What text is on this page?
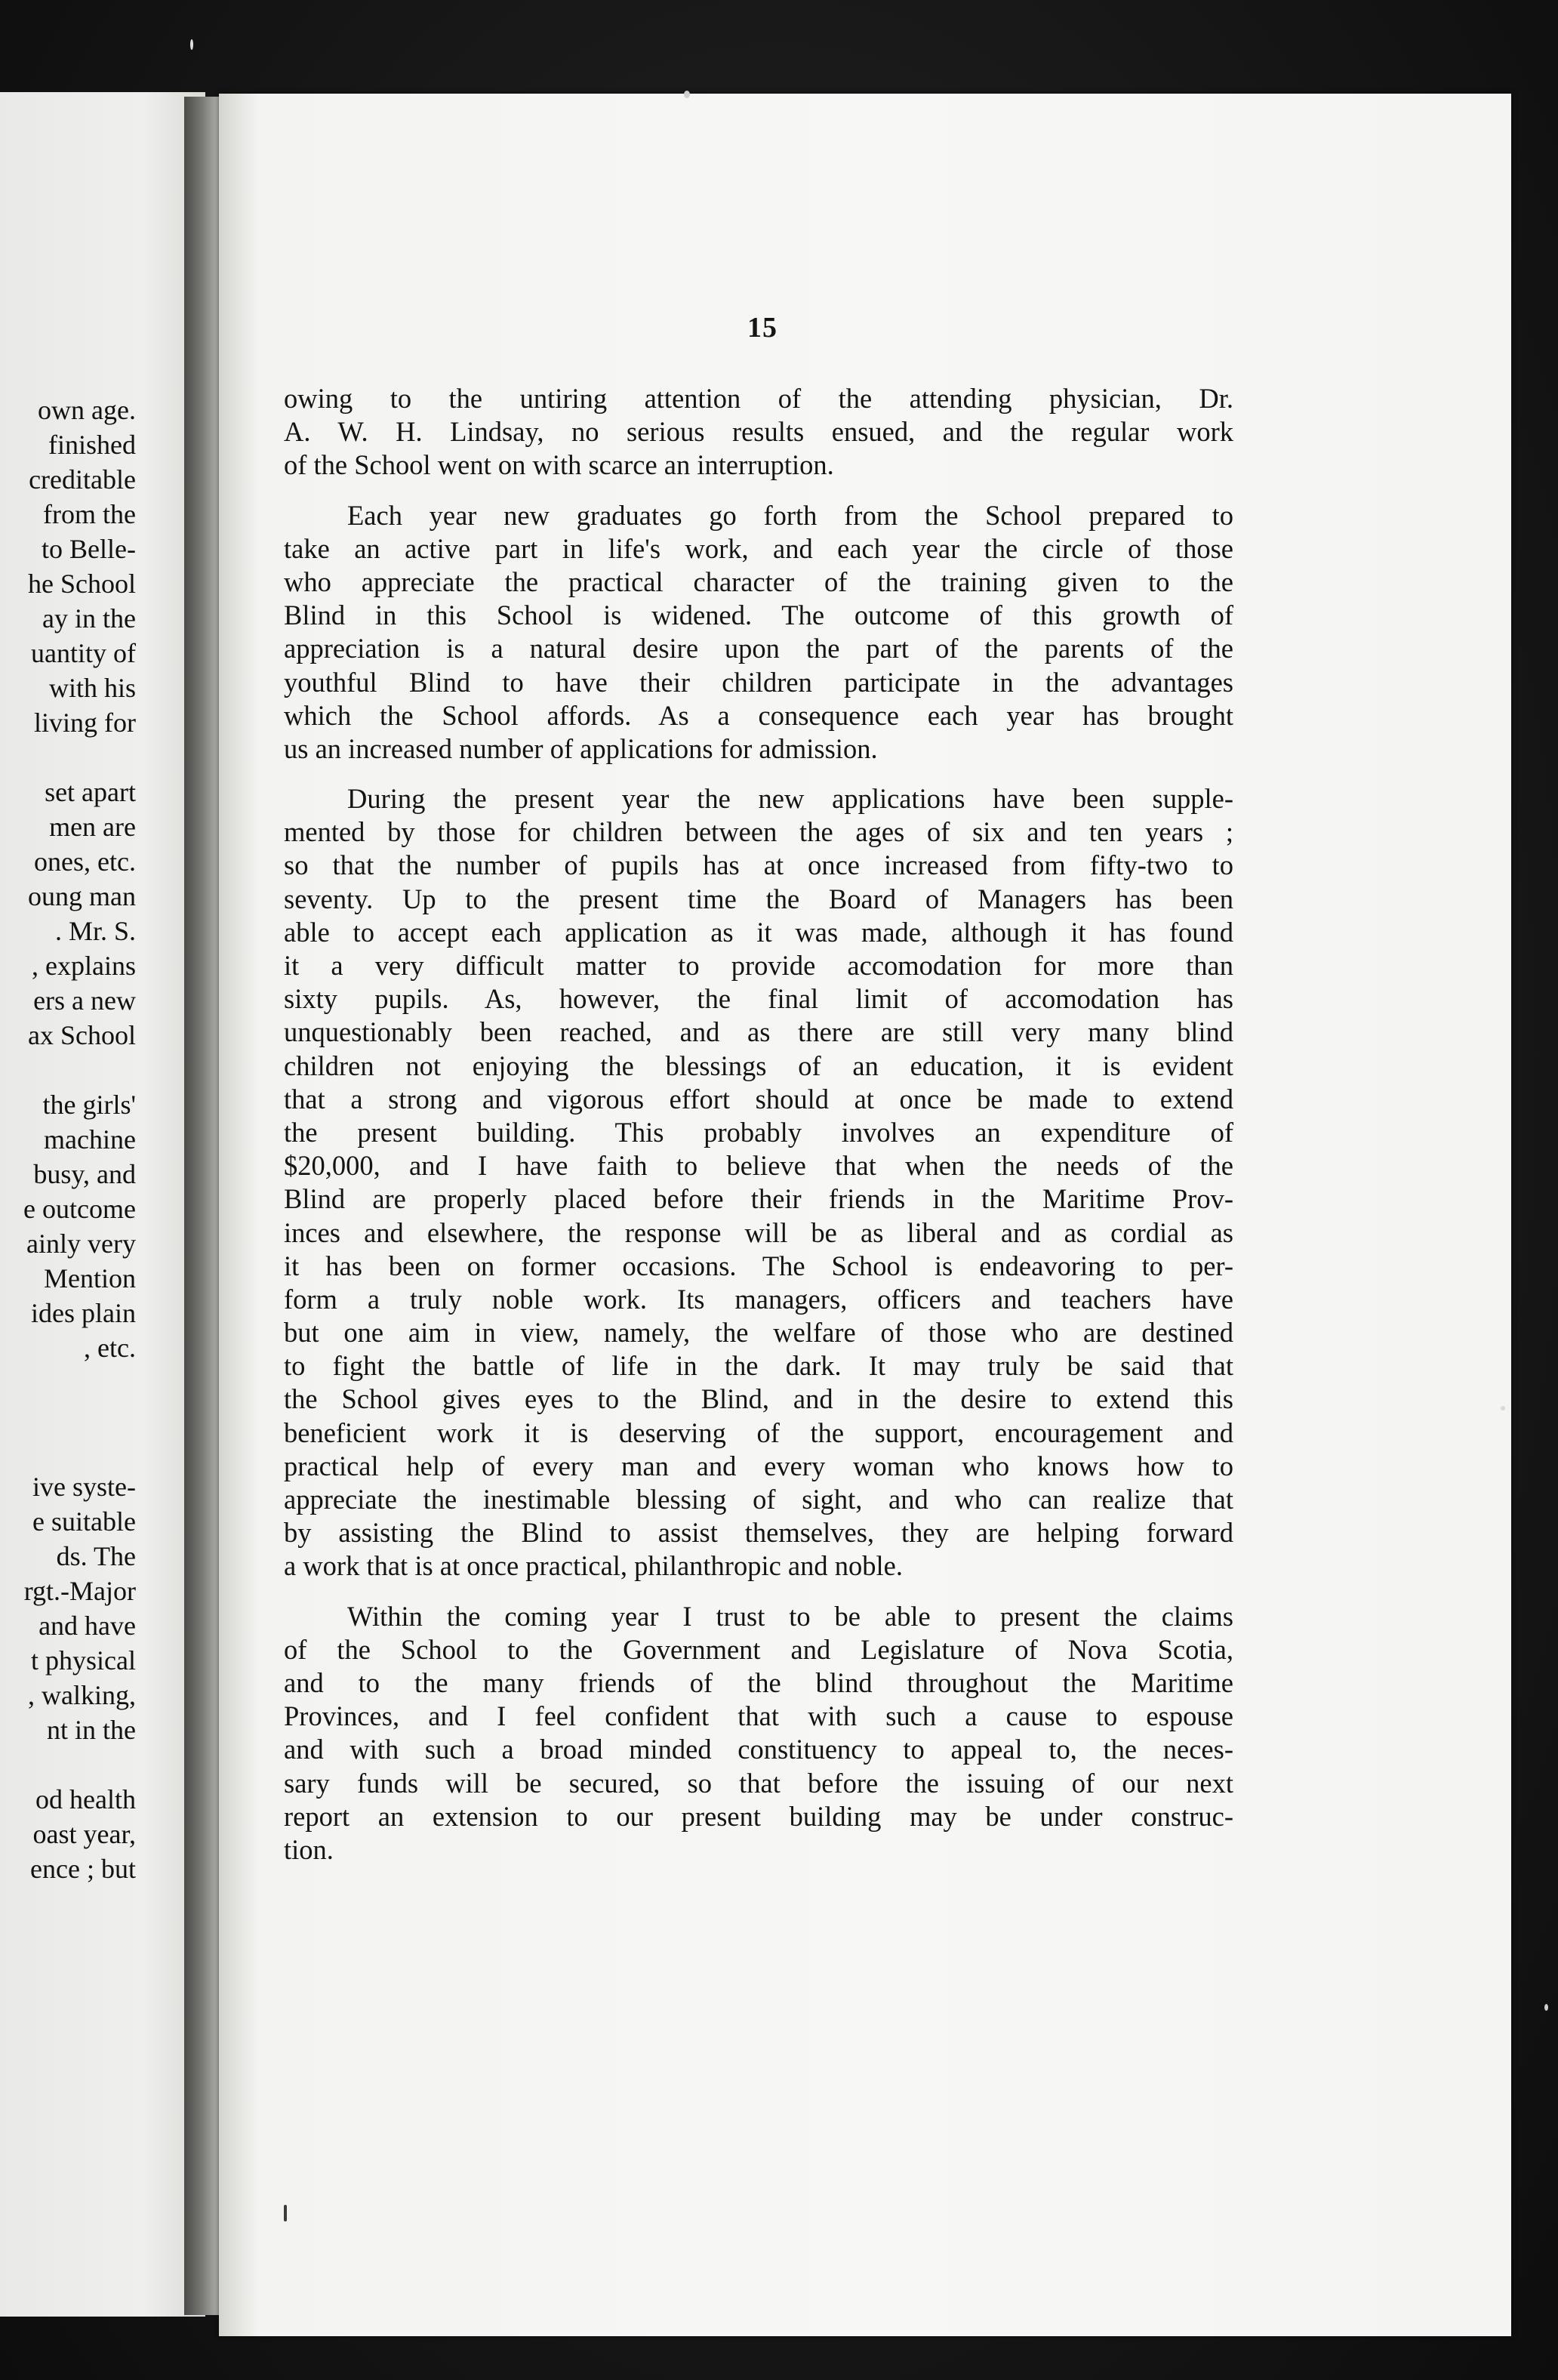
own age.
finished
creditable
from the
to Belle-
he School
ay in the
uantity of
with his
living for
set apart
men are
ones, etc.
oung man
. Mr. S.
, explains
ers a new
ax School
the girls'
machine
busy, and
e outcome
ainly very
Mention
ides plain
, etc.
ive syste-
e suitable
ds. The
rgt.-Major
and have
t physical
, walking,
nt in the
od health
oast year,
ence ; but
15
owing to the untiring attention of the attending physician, Dr.
A. W. H. Lindsay, no serious results ensued, and the regular work
of the School went on with scarce an interruption.
Each year new graduates go forth from the School prepared to
take an active part in life's work, and each year the circle of those
who appreciate the practical character of the training given to the
Blind in this School is widened. The outcome of this growth of
appreciation is a natural desire upon the part of the parents of the
youthful Blind to have their children participate in the advantages
which the School affords. As a consequence each year has brought
us an increased number of applications for admission.
During the present year the new applications have been supple-
mented by those for children between the ages of six and ten years ;
so that the number of pupils has at once increased from fifty-two to
seventy. Up to the present time the Board of Managers has been
able to accept each application as it was made, although it has found
it a very difficult matter to provide accomodation for more than
sixty pupils. As, however, the final limit of accomodation has
unquestionably been reached, and as there are still very many blind
children not enjoying the blessings of an education, it is evident
that a strong and vigorous effort should at once be made to extend
the present building. This probably involves an expenditure of
$20,000, and I have faith to believe that when the needs of the
Blind are properly placed before their friends in the Maritime Prov-
inces and elsewhere, the response will be as liberal and as cordial as
it has been on former occasions. The School is endeavoring to per-
form a truly noble work. Its managers, officers and teachers have
but one aim in view, namely, the welfare of those who are destined
to fight the battle of life in the dark. It may truly be said that
the School gives eyes to the Blind, and in the desire to extend this
beneficient work it is deserving of the support, encouragement and
practical help of every man and every woman who knows how to
appreciate the inestimable blessing of sight, and who can realize that
by assisting the Blind to assist themselves, they are helping forward
a work that is at once practical, philanthropic and noble.
Within the coming year I trust to be able to present the claims
of the School to the Government and Legislature of Nova Scotia,
and to the many friends of the blind throughout the Maritime
Provinces, and I feel confident that with such a cause to espouse
and with such a broad minded constituency to appeal to, the neces-
sary funds will be secured, so that before the issuing of our next
report an extension to our present building may be under construc-
tion.
